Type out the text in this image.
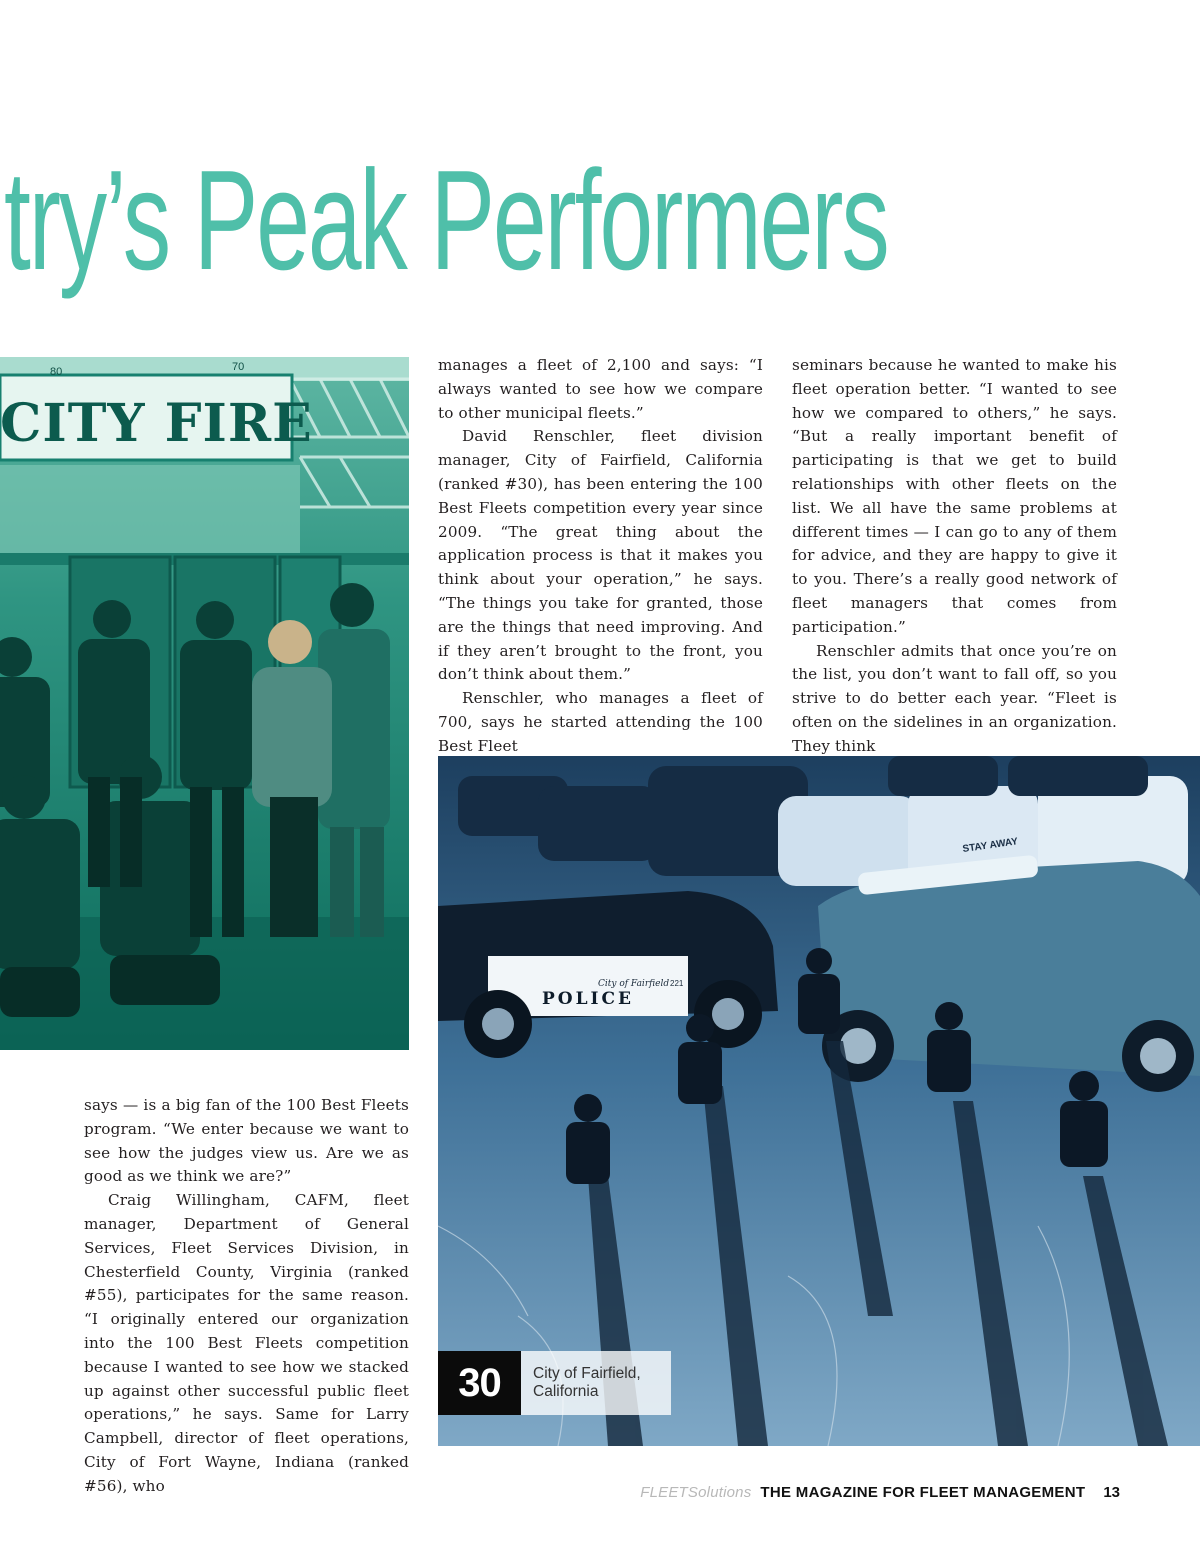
try’s Peak Performers
80	70
CITY FIRE
STAY AWAY
City of Fairfield
POLICE
221
30	City of Fairfield,
California

manages a fleet of 2,100 and says: “I always wanted to see how we compare to other municipal fleets.”

David Renschler, fleet division manager, City of Fairfield, California (ranked #30), has been entering the 100 Best Fleets competition every year since 2009. “The great thing about the application process is that it makes you think about your operation,” he says. “The things you take for granted, those are the things that need improving. And if they aren’t brought to the front, you don’t think about them.”

Renschler, who manages a fleet of 700, says he started attending the 100 Best Fleet

seminars because he wanted to make his fleet operation better. “I wanted to see how we compared to others,” he says. “But a really important benefit of participating is that we get to build relationships with other fleets on the list. We all have the same problems at different times — I can go to any of them for advice, and they are happy to give it to you. There’s a really good network of fleet managers that comes from participation.”

Renschler admits that once you’re on the list, you don’t want to fall off, so you strive to do better each year. “Fleet is often on the sidelines in an organization. They think

says — is a big fan of the 100 Best Fleets program. “We enter because we want to see how the judges view us. Are we as good as we think we are?”

Craig Willingham, CAFM, fleet manager, Department of General Services, Fleet Services Division, in Chesterfield County, Virginia (ranked #55), participates for the same reason. “I originally entered our organization into the 100 Best Fleets competition because I wanted to see how we stacked up against other successful public fleet operations,” he says. Same for Larry Campbell, director of fleet operations, City of Fort Wayne, Indiana (ranked #56), who	FLEETSolutions THE MAGAZINE FOR FLEET MANAGEMENT 13
